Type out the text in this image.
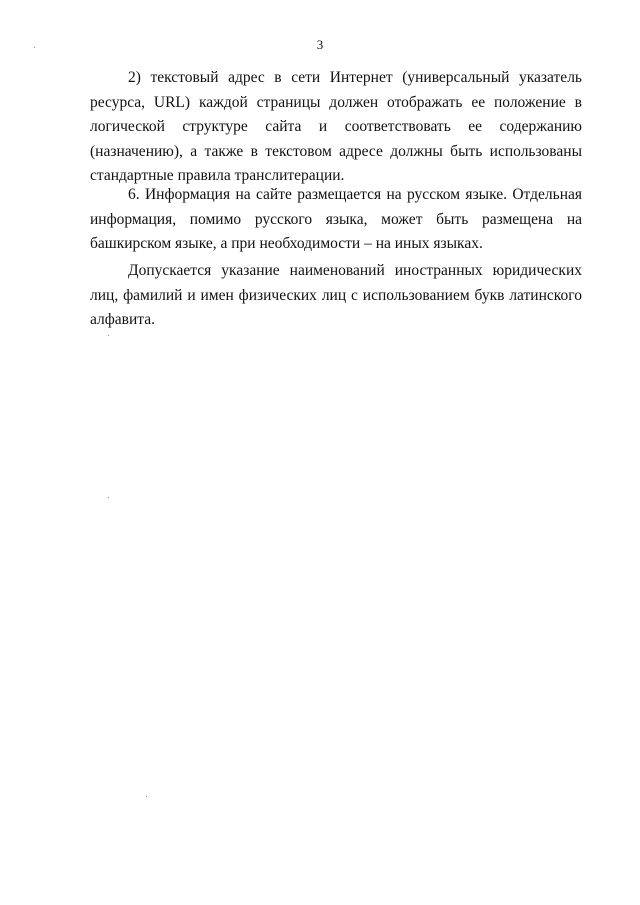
3

2) текстовый адрес в сети Интернет (универсальный указатель ресурса, URL) каждой страницы должен отображать ее положение в логической структуре сайта и соответствовать ее содержанию (назначению), а также в текстовом адресе должны быть использованы стандартные правила транслитерации.

6. Информация на сайте размещается на русском языке. Отдельная информация, помимо русского языка, может быть размещена на башкирском языке, а при необходимости – на иных языках.

Допускается указание наименований иностранных юридических лиц, фамилий и имен физических лиц с использованием букв латинского алфавита.
